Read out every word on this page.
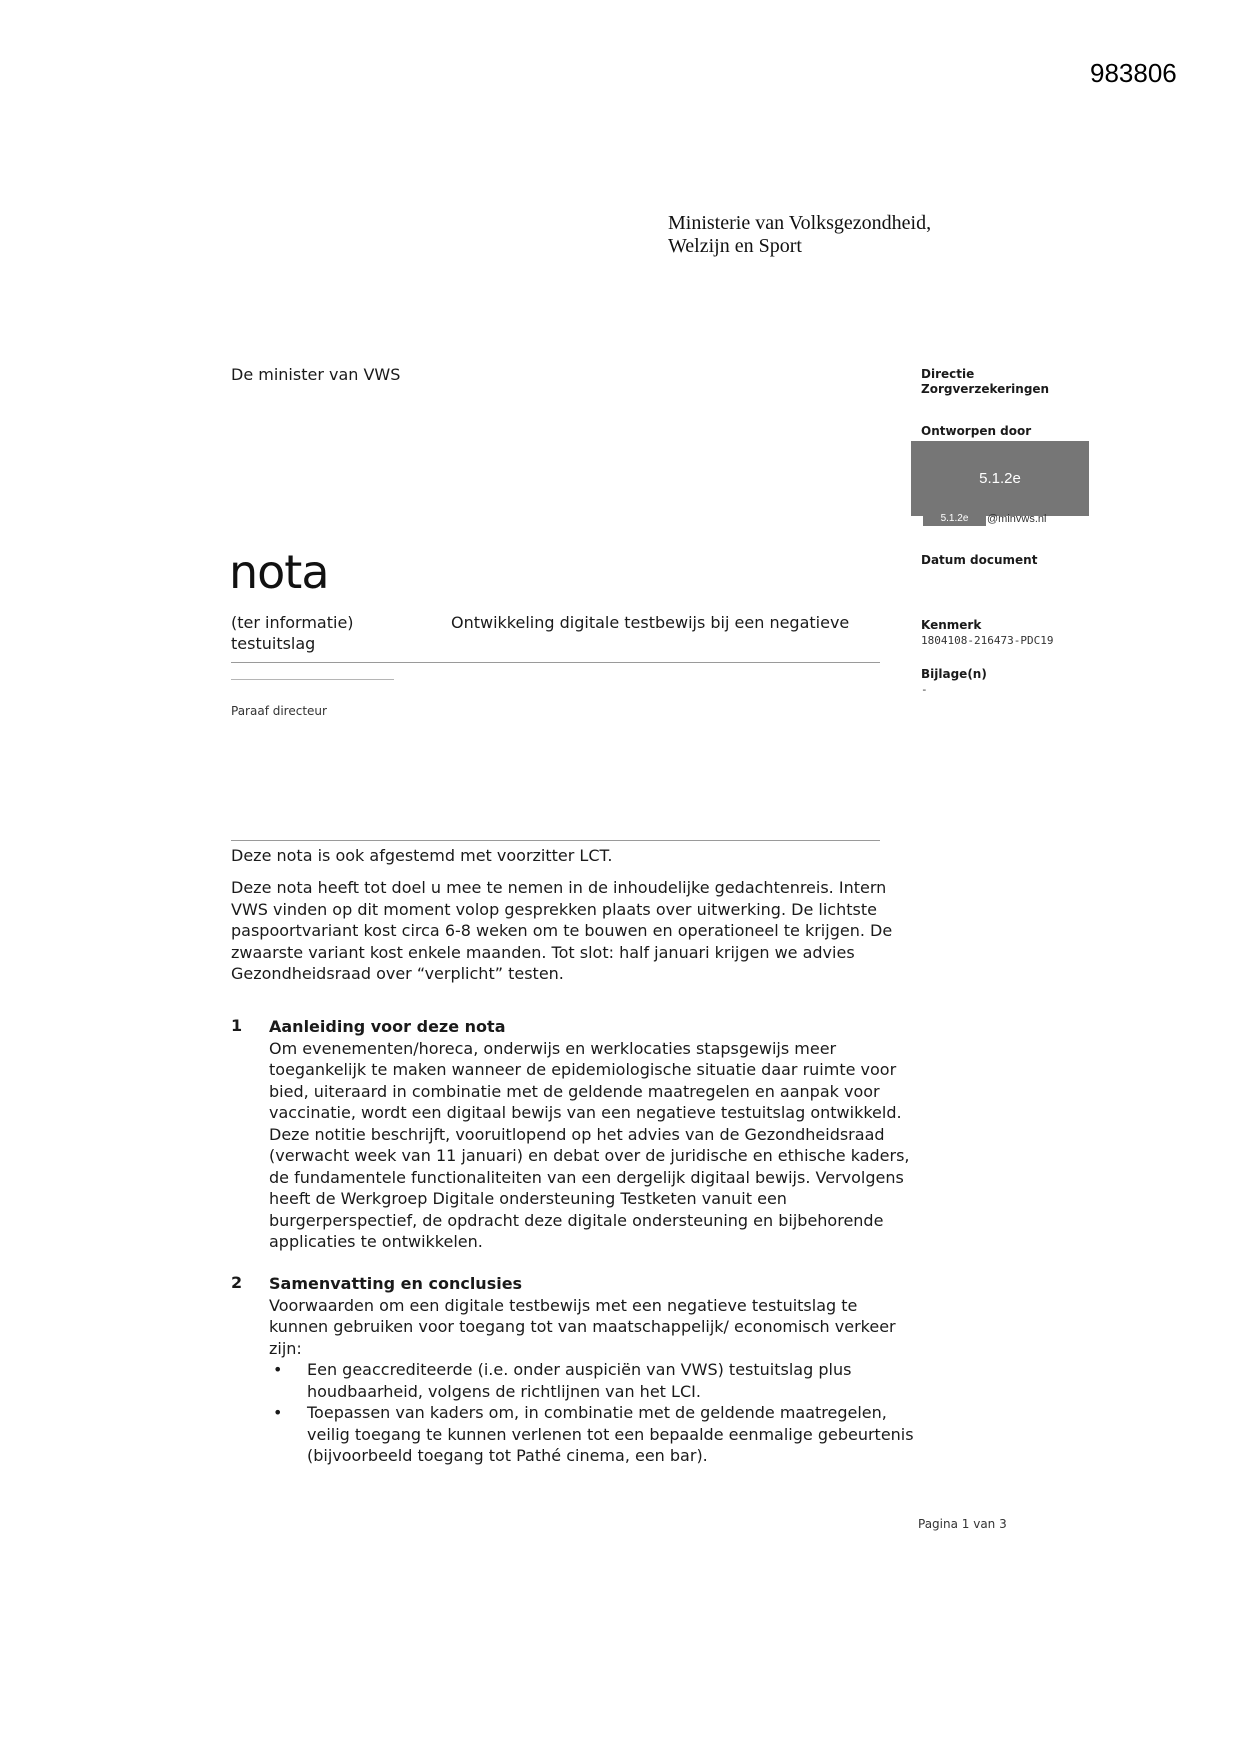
983806
Ministerie van Volksgezondheid,
Welzijn en Sport
De minister van VWS	Directie
Zorgverzekeringen
Ontworpen door
5.1.2e
5.1.2e	@minvws.nl
Datum document
Kenmerk
1804108-216473-PDC19
Bijlage(n)
-
nota
(ter informatie)
testuitslag
Ontwikkeling digitale testbewijs bij een negatieve
Paraaf directeur

Deze nota is ook afgestemd met voorzitter LCT.

Deze nota heeft tot doel u mee te nemen in de inhoudelijke gedachtenreis. Intern VWS vinden op dit moment volop gesprekken plaats over uitwerking. De lichtste paspoortvariant kost circa 6-8 weken om te bouwen en operationeel te krijgen. De zwaarste variant kost enkele maanden. Tot slot: half januari krijgen we advies Gezondheidsraad over “verplicht” testen.

1 Aanleiding voor deze nota
Om evenementen/horeca, onderwijs en werklocaties stapsgewijs meer toegankelijk te maken wanneer de epidemiologische situatie daar ruimte voor bied, uiteraard in combinatie met de geldende maatregelen en aanpak voor vaccinatie, wordt een digitaal bewijs van een negatieve testuitslag ontwikkeld. Deze notitie beschrijft, vooruitlopend op het advies van de Gezondheidsraad (verwacht week van 11 januari) en debat over de juridische en ethische kaders, de fundamentele functionaliteiten van een dergelijk digitaal bewijs. Vervolgens heeft de Werkgroep Digitale ondersteuning Testketen vanuit een burgerperspectief, de opdracht deze digitale ondersteuning en bijbehorende applicaties te ontwikkelen.
2 Samenvatting en conclusies
Voorwaarden om een digitale testbewijs met een negatieve testuitslag te kunnen gebruiken voor toegang tot van maatschappelijk/ economisch verkeer zijn:
• Een geaccrediteerde (i.e. onder auspiciën van VWS) testuitslag plus houdbaarheid, volgens de richtlijnen van het LCI.
• Toepassen van kaders om, in combinatie met de geldende maatregelen, veilig toegang te kunnen verlenen tot een bepaalde eenmalige gebeurtenis (bijvoorbeeld toegang tot Pathé cinema, een bar).
Pagina 1 van 3
